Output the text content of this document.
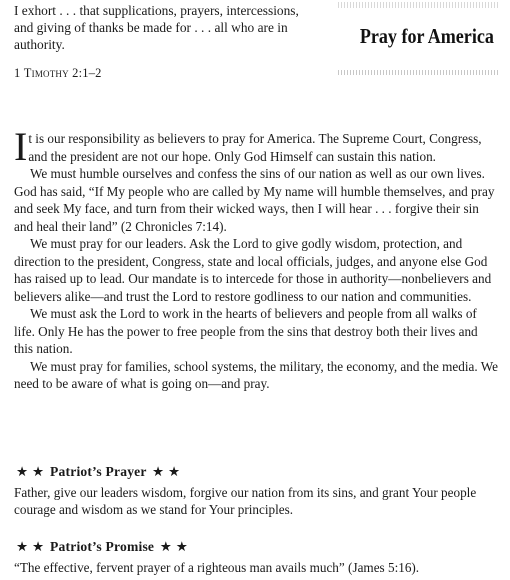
I exhort . . . that supplications, prayers, intercessions, and giving of thanks be made for . . . all who are in authority.
1 Timothy 2:1–2
Pray for America

It is our responsibility as believers to pray for America. The Supreme Court, Congress, and the president are not our hope. Only God Himself can sustain this nation.

We must humble ourselves and confess the sins of our nation as well as our own lives. God has said, “If My people who are called by My name will humble themselves, and pray and seek My face, and turn from their wicked ways, then I will hear . . . forgive their sin and heal their land” (2 Chronicles 7:14).

We must pray for our leaders. Ask the Lord to give godly wisdom, protection, and direction to the president, Congress, state and local officials, judges, and anyone else God has raised up to lead. Our mandate is to intercede for those in authority—nonbelievers and believers alike—and trust the Lord to restore godliness to our nation and communities.

We must ask the Lord to work in the hearts of believers and people from all walks of life. Only He has the power to free people from the sins that destroy both their lives and this nation.

We must pray for families, school systems, the military, the economy, and the media. We need to be aware of what is going on—and pray.

★ ★ Patriot’s Prayer ★ ★

Father, give our leaders wisdom, forgive our nation from its sins, and grant Your people courage and wisdom as we stand for Your principles.

★ ★ Patriot’s Promise ★ ★

“The effective, fervent prayer of a righteous man avails much” (James 5:16).
